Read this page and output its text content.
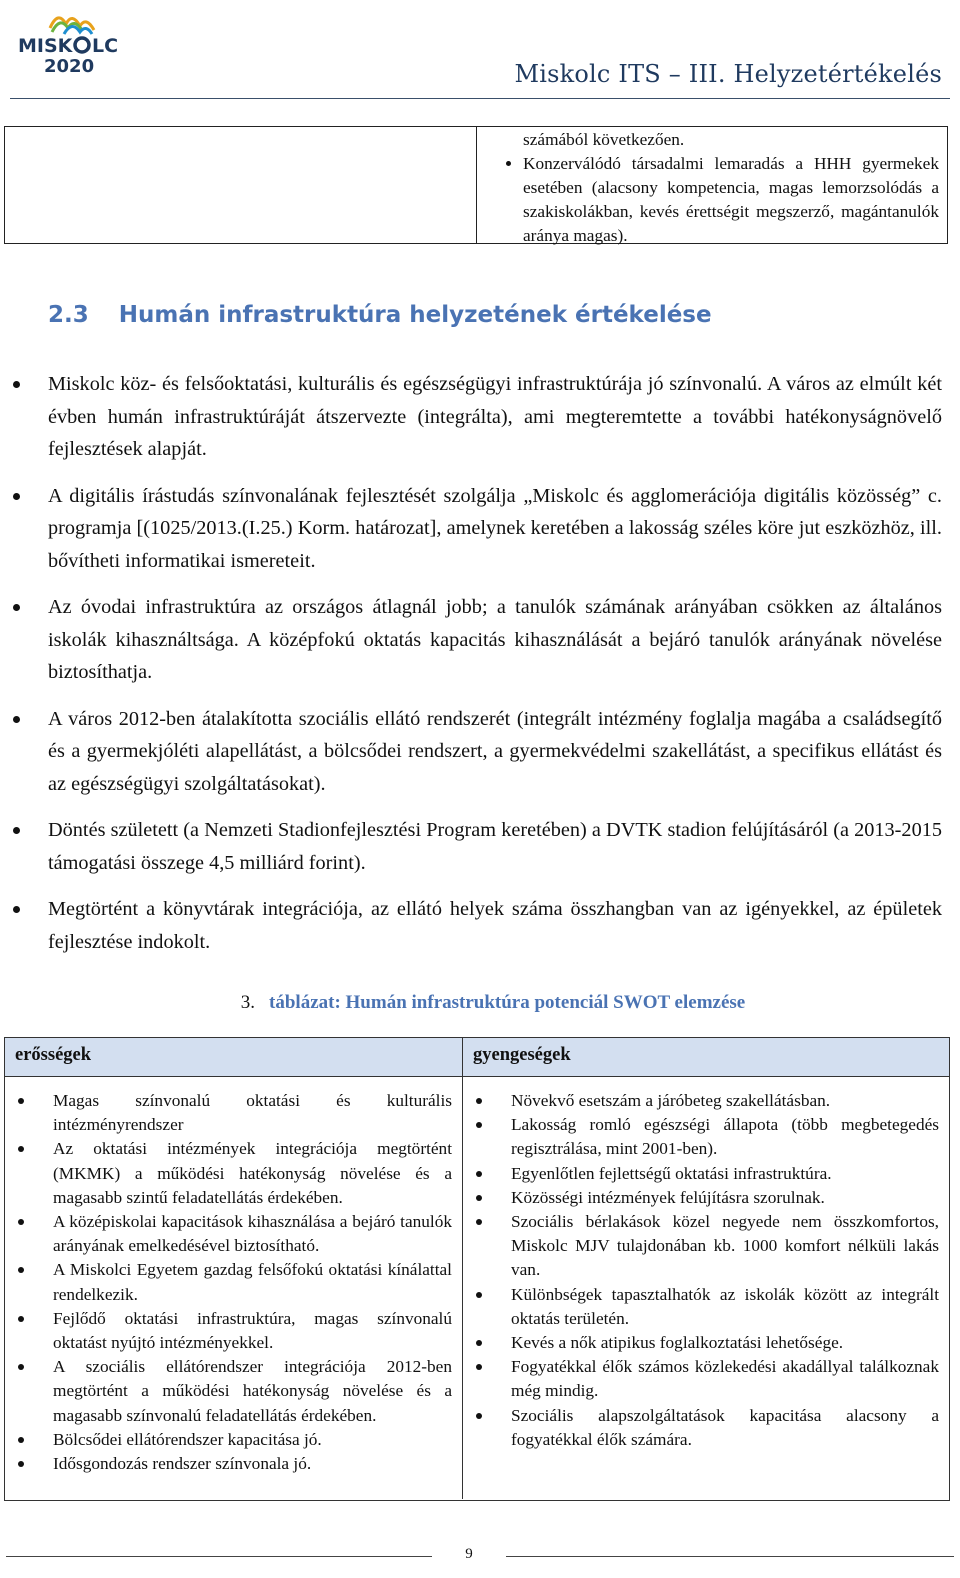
MISK LC
2020	Miskolc ITS – III. Helyzetértékelés
számából következően.
• Konzerválódó társadalmi lemaradás a HHH gyermekek esetében (alacsony kompetencia, magas lemorzsolódás a szakiskolákban, kevés érettségit megszerző, magántanulók aránya magas).
2.3 Humán infrastruktúra helyzetének értékelése
Miskolc köz- és felsőoktatási, kulturális és egészségügyi infrastruktúrája jó színvonalú. A város az elmúlt két évben humán infrastruktúráját átszervezte (integrálta), ami megteremtette a további hatékonyságnövelő fejlesztések alapját.
A digitális írástudás színvonalának fejlesztését szolgálja „Miskolc és agglomerációja digitális közösség” c. programja [(1025/2013.(I.25.) Korm. határozat], amelynek keretében a lakosság széles köre jut eszközhöz, ill. bővítheti informatikai ismereteit.
Az óvodai infrastruktúra az országos átlagnál jobb; a tanulók számának arányában csökken az általános iskolák kihasználtsága. A középfokú oktatás kapacitás kihasználását a bejáró tanulók arányának növelése biztosíthatja.
A város 2012-ben átalakította szociális ellátó rendszerét (integrált intézmény foglalja magába a családsegítő és a gyermekjóléti alapellátást, a bölcsődei rendszert, a gyermekvédelmi szakellátást, a specifikus ellátást és az egészségügyi szolgáltatásokat).
Döntés született (a Nemzeti Stadionfejlesztési Program keretében) a DVTK stadion felújításáról (a 2013-2015 támogatási összege 4,5 milliárd forint).
Megtörtént a könyvtárak integrációja, az ellátó helyek száma összhangban van az igényekkel, az épületek fejlesztése indokolt.
3. táblázat: Humán infrastruktúra potenciál SWOT elemzése
erősségek	gyengeségek
Magas színvonalú oktatási és kulturális intézményrendszer
Az oktatási intézmények integrációja megtörtént (MKMK) a működési hatékonyság növelése és a magasabb szintű feladatellátás érdekében.
A középiskolai kapacitások kihasználása a bejáró tanulók arányának emelkedésével biztosítható.
A Miskolci Egyetem gazdag felsőfokú oktatási kínálattal rendelkezik.
Fejlődő oktatási infrastruktúra, magas színvonalú oktatást nyújtó intézményekkel.
A szociális ellátórendszer integrációja 2012-ben megtörtént a működési hatékonyság növelése és a magasabb színvonalú feladatellátás érdekében.
Bölcsődei ellátórendszer kapacitása jó.
Idősgondozás rendszer színvonala jó.
Növekvő esetszám a járóbeteg szakellátásban.
Lakosság romló egészségi állapota (több megbetegedés regisztrálása, mint 2001-ben).
Egyenlőtlen fejlettségű oktatási infrastruktúra.
Közösségi intézmények felújításra szorulnak.
Szociális bérlakások közel negyede nem összkomfortos, Miskolc MJV tulajdonában kb. 1000 komfort nélküli lakás van.
Különbségek tapasztalhatók az iskolák között az integrált oktatás területén.
Kevés a nők atipikus foglalkoztatási lehetősége.
Fogyatékkal élők számos közlekedési akadállyal találkoznak még mindig.
Szociális alapszolgáltatások kapacitása alacsony a fogyatékkal élők számára.
9
